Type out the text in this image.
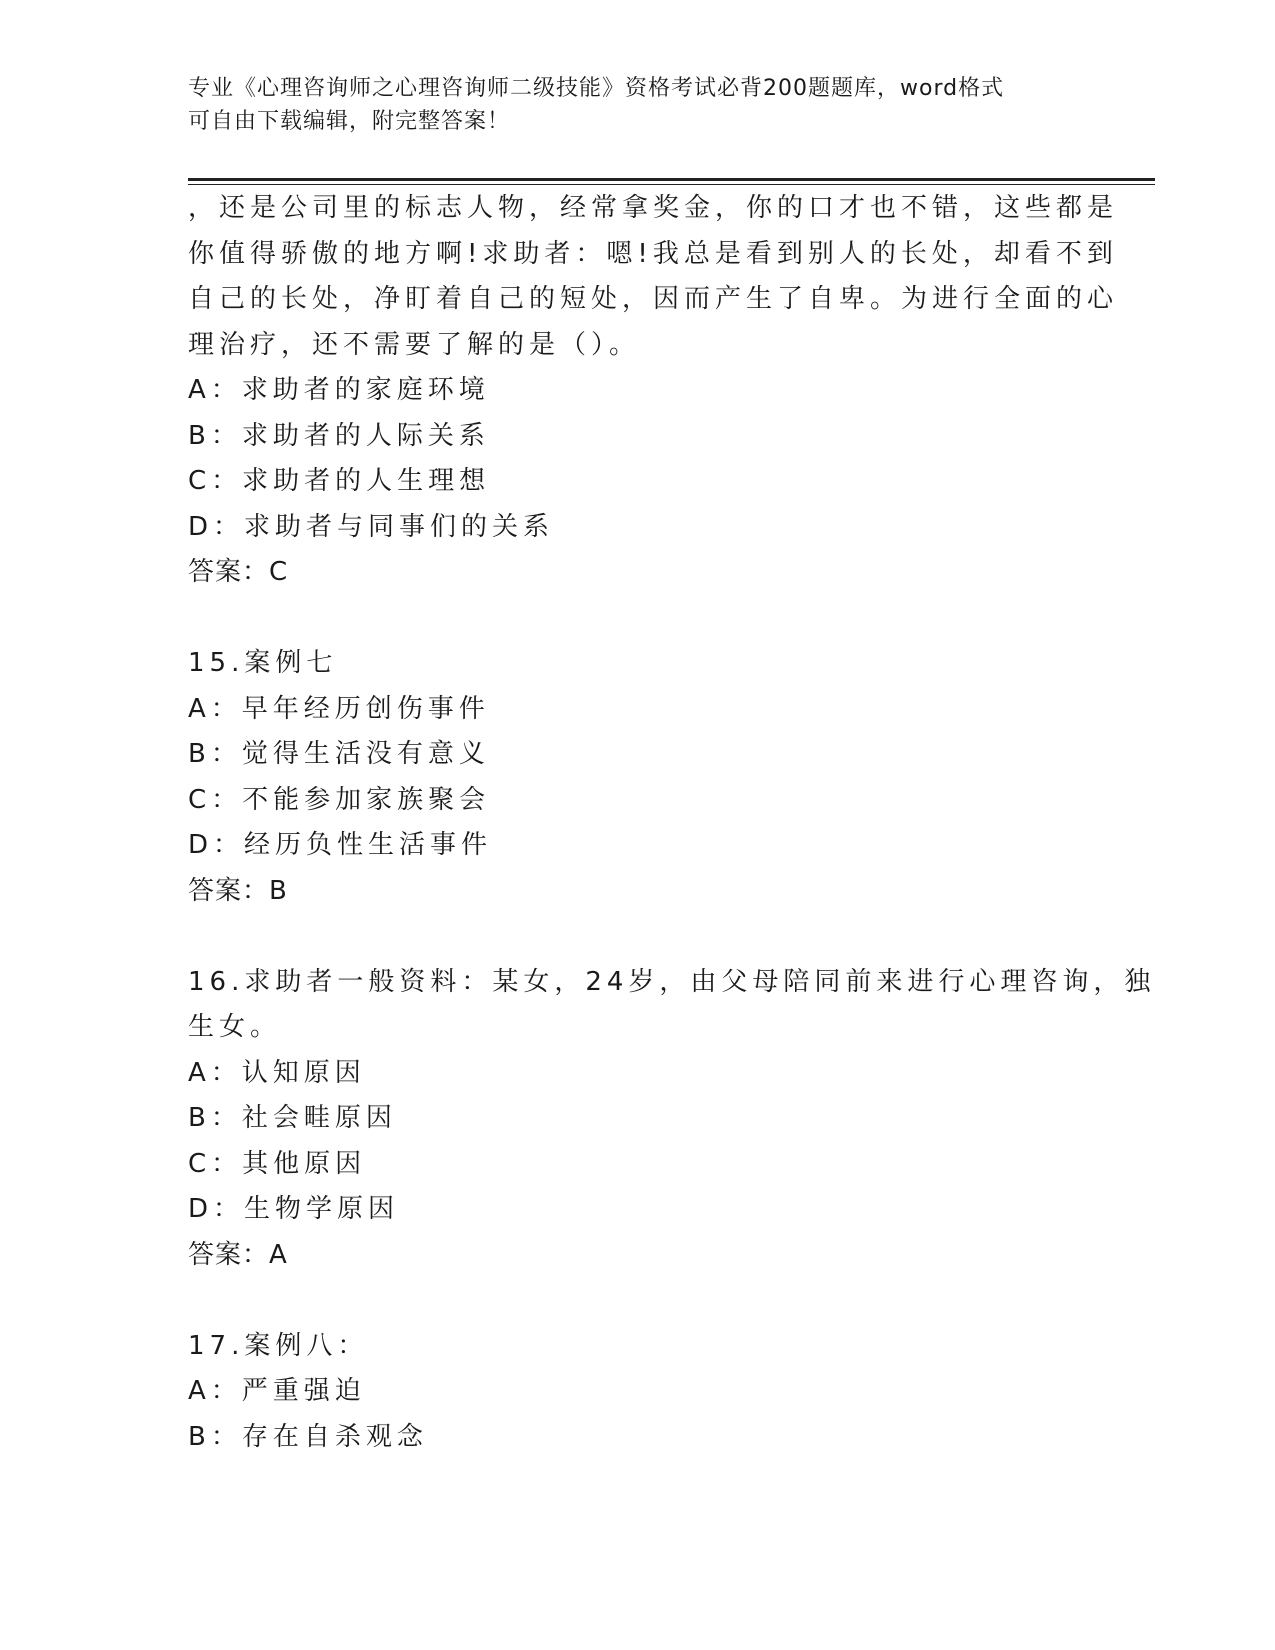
专业《心理咨询师之心理咨询师二级技能》资格考试必背200题题库，word格式
可自由下载编辑，附完整答案！
，还是公司里的标志人物，经常拿奖金，你的口才也不错，这些都是
你值得骄傲的地方啊!求助者：嗯!我总是看到别人的长处，却看不到
自己的长处，净盯着自己的短处，因而产生了自卑。为进行全面的心
理治疗，还不需要了解的是（）。
A：求助者的家庭环境
B：求助者的人际关系
C：求助者的人生理想
D：求助者与同事们的关系
答案：C
15.案例七
A：早年经历创伤事件
B：觉得生活没有意义
C：不能参加家族聚会
D：经历负性生活事件
答案：B
16.求助者一般资料：某女，24岁，由父母陪同前来进行心理咨询，独
生女。
A：认知原因
B：社会畦原因
C：其他原因
D：生物学原因
答案：A
17.案例八：
A：严重强迫
B：存在自杀观念
